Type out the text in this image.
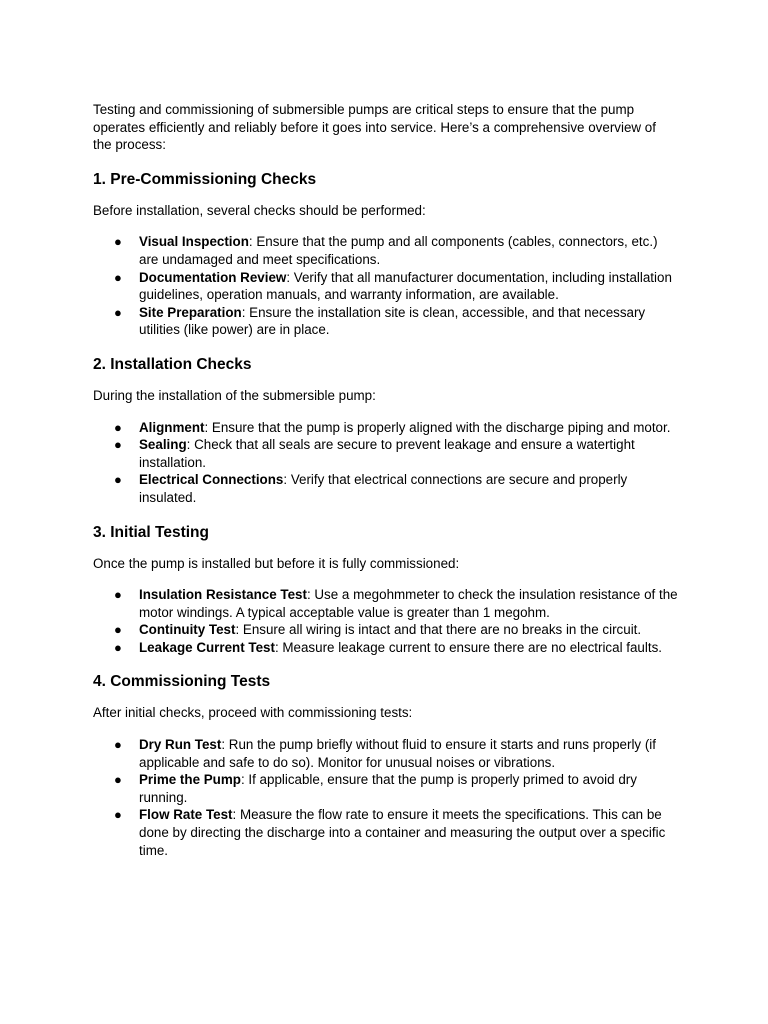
Testing and commissioning of submersible pumps are critical steps to ensure that the pump operates efficiently and reliably before it goes into service. Here’s a comprehensive overview of the process:

1. Pre-Commissioning Checks

Before installation, several checks should be performed:

● Visual Inspection: Ensure that the pump and all components (cables, connectors, etc.) are undamaged and meet specifications.
● Documentation Review: Verify that all manufacturer documentation, including installation guidelines, operation manuals, and warranty information, are available.
● Site Preparation: Ensure the installation site is clean, accessible, and that necessary utilities (like power) are in place.
2. Installation Checks

During the installation of the submersible pump:

● Alignment: Ensure that the pump is properly aligned with the discharge piping and motor.
● Sealing: Check that all seals are secure to prevent leakage and ensure a watertight installation.
● Electrical Connections: Verify that electrical connections are secure and properly insulated.
3. Initial Testing

Once the pump is installed but before it is fully commissioned:

● Insulation Resistance Test: Use a megohmmeter to check the insulation resistance of the motor windings. A typical acceptable value is greater than 1 megohm.
● Continuity Test: Ensure all wiring is intact and that there are no breaks in the circuit.
● Leakage Current Test: Measure leakage current to ensure there are no electrical faults.
4. Commissioning Tests

After initial checks, proceed with commissioning tests:

● Dry Run Test: Run the pump briefly without fluid to ensure it starts and runs properly (if applicable and safe to do so). Monitor for unusual noises or vibrations.
● Prime the Pump: If applicable, ensure that the pump is properly primed to avoid dry running.
● Flow Rate Test: Measure the flow rate to ensure it meets the specifications. This can be done by directing the discharge into a container and measuring the output over a specific time.
